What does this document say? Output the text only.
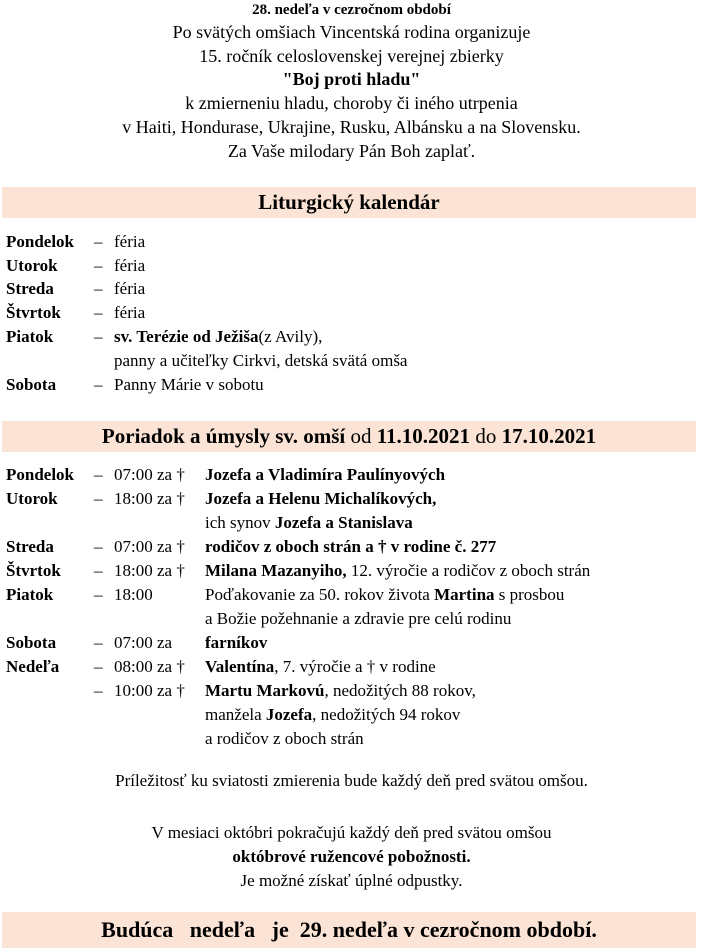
28. nedeľa v cezročnom období
Po svätých omšiach Vincentská rodina organizuje
15. ročník celoslovenskej verejnej zbierky
"Boj proti hladu"
k zmierneniu hladu, choroby či iného utrpenia
v Haiti, Hondurase, Ukrajine, Rusku, Albánsku a na Slovensku.
Za Vaše milodary Pán Boh zaplať.
Liturgický kalendár
Pondelok – féria
Utorok – féria
Streda – féria
Štvrtok – féria
Piatok – sv. Terézie od Ježiša(z Avily),
panny a učiteľky Cirkvi, detská svätá omša
Sobota – Panny Márie v sobotu
Poriadok a úmysly sv. omší od 11.10.2021 do 17.10.2021
Pondelok – 07:00 za † Jozefa a Vladimíra Paulínyových
Utorok – 18:00 za † Jozefa a Helenu Michalíkových,
ich synov Jozefa a Stanislava
Streda – 07:00 za † rodičov z oboch strán a † v rodine č. 277
Štvrtok – 18:00 za † Milana Mazanyiho, 12. výročie a rodičov z oboch strán
Piatok – 18:00	Poďakovanie za 50. rokov života Martina s prosbou
a Božie požehnanie a zdravie pre celú rodinu
Sobota – 07:00 za farníkov
Nedeľa – 08:00 za † Valentína, 7. výročie a † v rodine
– 10:00 za † Martu Markovú, nedožitých 88 rokov,
manžela Jozefa, nedožitých 94 rokov
a rodičov z oboch strán
Príležitosť ku sviatosti zmierenia bude každý deň pred svätou omšou.
V mesiaci októbri pokračujú každý deň pred svätou omšou
októbrové ružencové pobožnosti.
Je možné získať úplné odpustky.
Budúca   nedeľa   je  29. nedeľa v cezročnom období.
